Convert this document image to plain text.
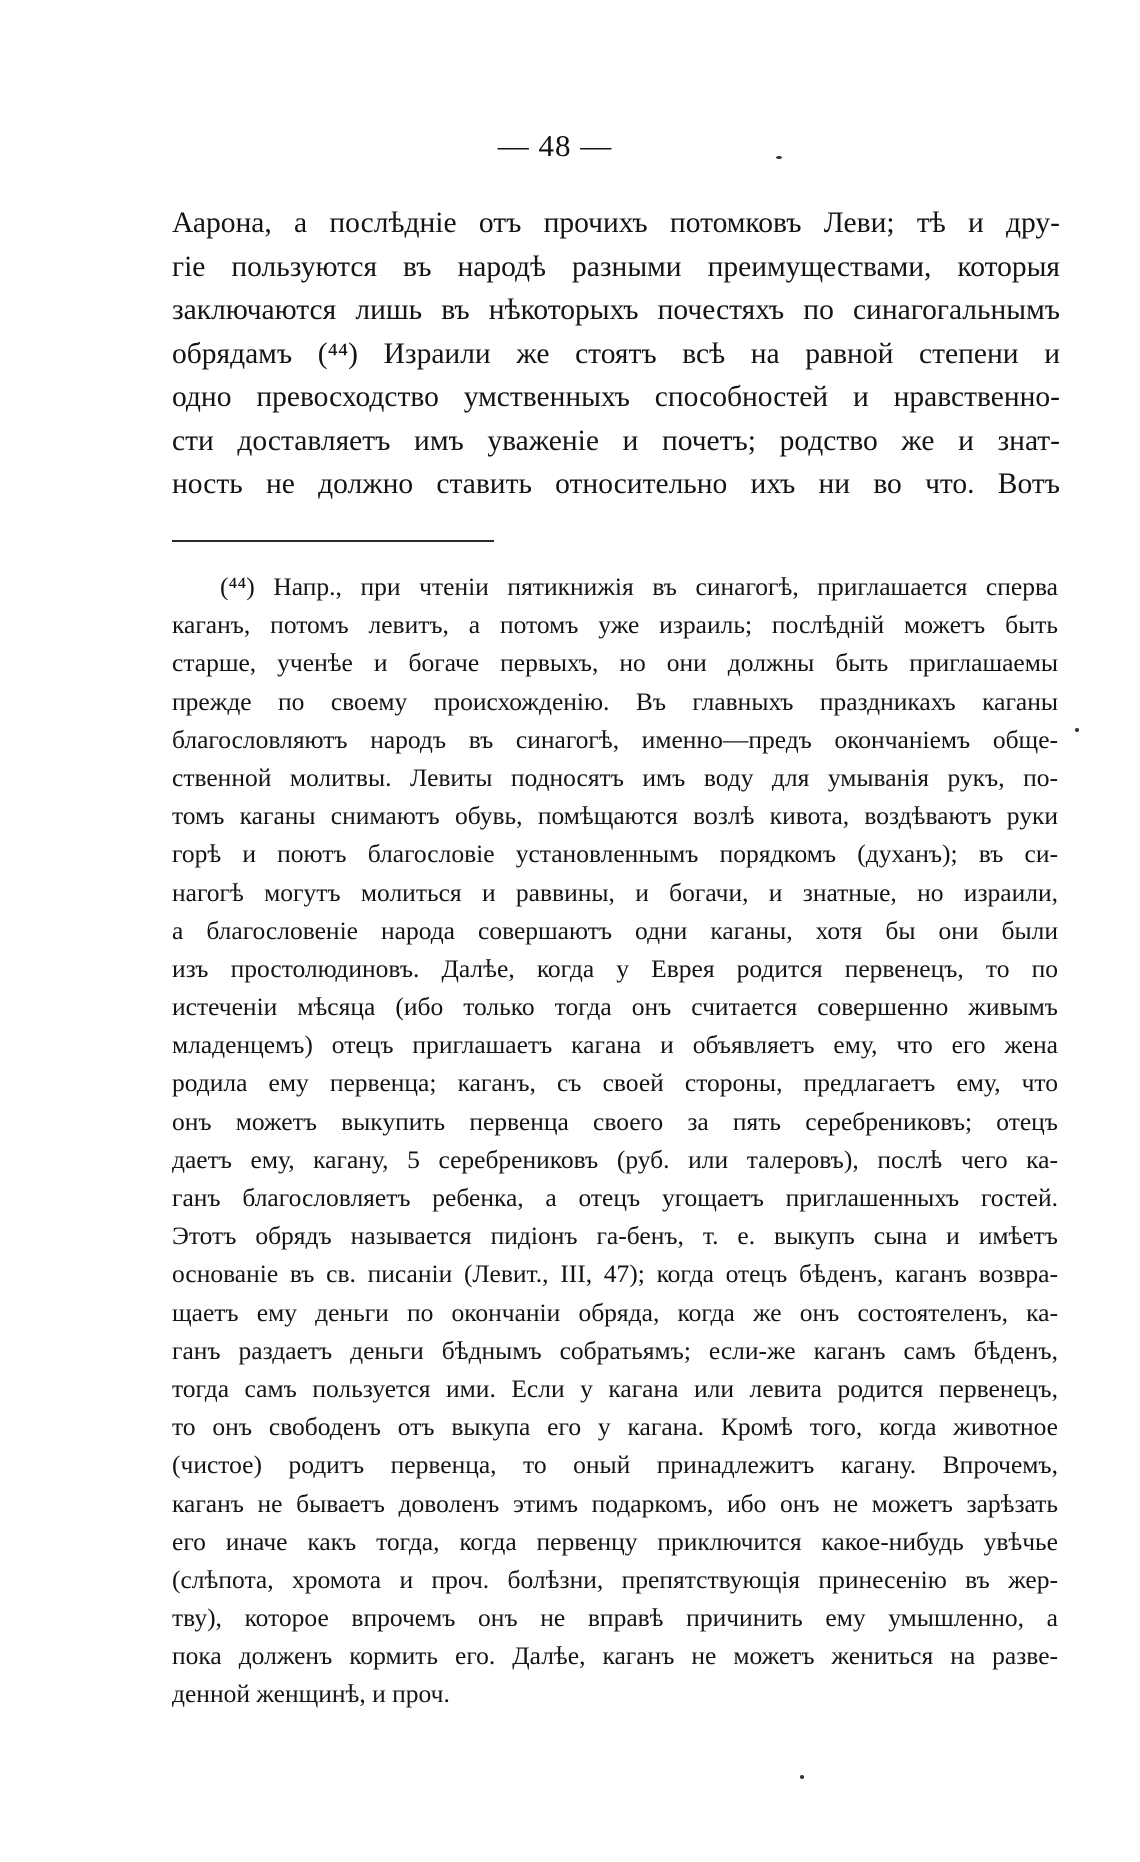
— 48 —
Аарона, а послѣдніе отъ прочихъ потомковъ Леви; тѣ и дру-
гіе пользуются въ народѣ разными преимуществами, которыя
заключаются лишь въ нѣкоторыхъ почестяхъ по синагогальнымъ
обрядамъ (⁴⁴) Израили же стоятъ всѣ на равной степени и
одно превосходство умственныхъ способностей и нравственно-
сти доставляетъ имъ уваженіе и почетъ; родство же и знат-
ность не должно ставить относительно ихъ ни во что. Вотъ
(⁴⁴) Напр., при чтеніи пятикнижія въ синагогѣ, приглашается сперва
каганъ, потомъ левитъ, а потомъ уже израиль; послѣдній можетъ быть
старше, ученѣе и богаче первыхъ, но они должны быть приглашаемы
прежде по своему происхожденію. Въ главныхъ праздникахъ каганы
благословляютъ народъ въ синагогѣ, именно—предъ окончаніемъ обще-
ственной молитвы. Левиты подносятъ имъ воду для умыванія рукъ, по-
томъ каганы снимаютъ обувь, помѣщаются возлѣ кивота, воздѣваютъ руки
горѣ и поютъ благословіе установленнымъ порядкомъ (духанъ); въ си-
нагогѣ могутъ молиться и раввины, и богачи, и знатные, но израили,
а благословеніе народа совершаютъ одни каганы, хотя бы они были
изъ простолюдиновъ. Далѣе, когда у Еврея родится первенецъ, то по
истеченіи мѣсяца (ибо только тогда онъ считается совершенно живымъ
младенцемъ) отецъ приглашаетъ кагана и объявляетъ ему, что его жена
родила ему первенца; каганъ, съ своей стороны, предлагаетъ ему, что
онъ можетъ выкупить первенца своего за пять серебрениковъ; отецъ
даетъ ему, кагану, 5 серебрениковъ (руб. или талеровъ), послѣ чего ка-
ганъ благословляетъ ребенка, а отецъ угощаетъ приглашенныхъ гостей.
Этотъ обрядъ называется пидіонъ га-бенъ, т. е. выкупъ сына и имѣетъ
основаніе въ св. писаніи (Левит., III, 47); когда отецъ бѣденъ, каганъ возвра-
щаетъ ему деньги по окончаніи обряда, когда же онъ состоятеленъ, ка-
ганъ раздаетъ деньги бѣднымъ собратьямъ; если-же каганъ самъ бѣденъ,
тогда самъ пользуется ими. Если у кагана или левита родится первенецъ,
то онъ свободенъ отъ выкупа его у кагана. Кромѣ того, когда животное
(чистое) родитъ первенца, то оный принадлежитъ кагану. Впрочемъ,
каганъ не бываетъ доволенъ этимъ подаркомъ, ибо онъ не можетъ зарѣзать
его иначе какъ тогда, когда первенцу приключится какое-нибудь увѣчье
(слѣпота, хромота и проч. болѣзни, препятствующія принесенію въ жер-
тву), которое впрочемъ онъ не вправѣ причинить ему умышленно, а
пока долженъ кормить его. Далѣе, каганъ не можетъ жениться на разве-
денной женщинѣ, и проч.
